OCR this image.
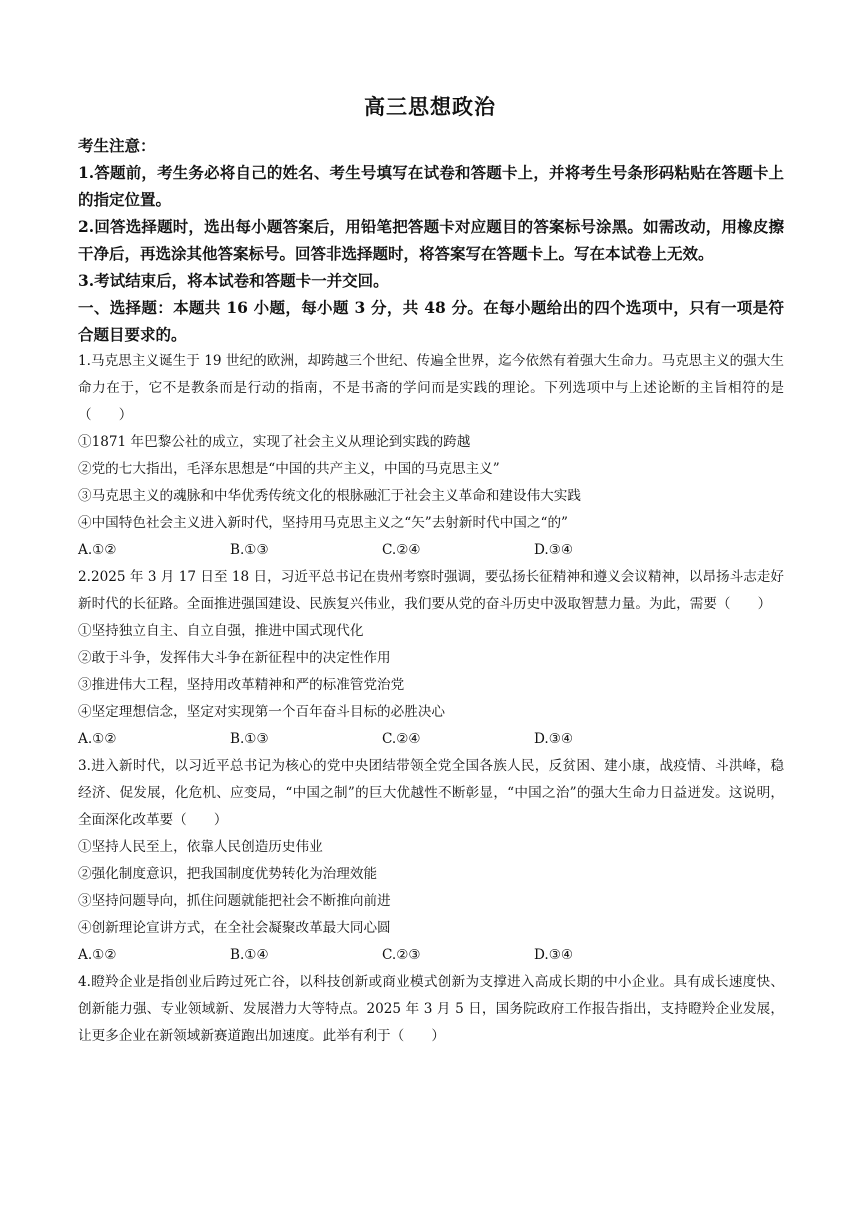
高三思想政治

考生注意：

1.答题前，考生务必将自己的姓名、考生号填写在试卷和答题卡上，并将考生号条形码粘贴在答题卡上的指定位置。

2.回答选择题时，选出每小题答案后，用铅笔把答题卡对应题目的答案标号涂黑。如需改动，用橡皮擦干净后，再选涂其他答案标号。回答非选择题时，将答案写在答题卡上。写在本试卷上无效。

3.考试结束后，将本试卷和答题卡一并交回。

一、选择题：本题共 16 小题，每小题 3 分，共 48 分。在每小题给出的四个选项中，只有一项是符合题目要求的。

1.马克思主义诞生于 19 世纪的欧洲，却跨越三个世纪、传遍全世界，迄今依然有着强大生命力。马克思主义的强大生命力在于，它不是教条而是行动的指南，不是书斋的学问而是实践的理论。下列选项中与上述论断的主旨相符的是（　　）

①1871 年巴黎公社的成立，实现了社会主义从理论到实践的跨越

②党的七大指出，毛泽东思想是“中国的共产主义，中国的马克思主义”

③马克思主义的魂脉和中华优秀传统文化的根脉融汇于社会主义革命和建设伟大实践

④中国特色社会主义进入新时代，坚持用马克思主义之“矢”去射新时代中国之“的”

A.①②	B.①③	C.②④	D.③④

2.2025 年 3 月 17 日至 18 日，习近平总书记在贵州考察时强调，要弘扬长征精神和遵义会议精神，以昂扬斗志走好新时代的长征路。全面推进强国建设、民族复兴伟业，我们要从党的奋斗历史中汲取智慧力量。为此，需要（　　）

①坚持独立自主、自立自强，推进中国式现代化

②敢于斗争，发挥伟大斗争在新征程中的决定性作用

③推进伟大工程，坚持用改革精神和严的标准管党治党

④坚定理想信念，坚定对实现第一个百年奋斗目标的必胜决心

A.①②	B.①③	C.②④	D.③④

3.进入新时代，以习近平总书记为核心的党中央团结带领全党全国各族人民，反贫困、建小康，战疫情、斗洪峰，稳经济、促发展，化危机、应变局，“中国之制”的巨大优越性不断彰显，“中国之治”的强大生命力日益迸发。这说明，全面深化改革要（　　）

①坚持人民至上，依靠人民创造历史伟业

②强化制度意识，把我国制度优势转化为治理效能

③坚持问题导向，抓住问题就能把社会不断推向前进

④创新理论宣讲方式，在全社会凝聚改革最大同心圆

A.①②	B.①④	C.②③	D.③④

4.瞪羚企业是指创业后跨过死亡谷，以科技创新或商业模式创新为支撑进入高成长期的中小企业。具有成长速度快、创新能力强、专业领域新、发展潜力大等特点。2025 年 3 月 5 日，国务院政府工作报告指出，支持瞪羚企业发展，让更多企业在新领域新赛道跑出加速度。此举有利于（　　）
